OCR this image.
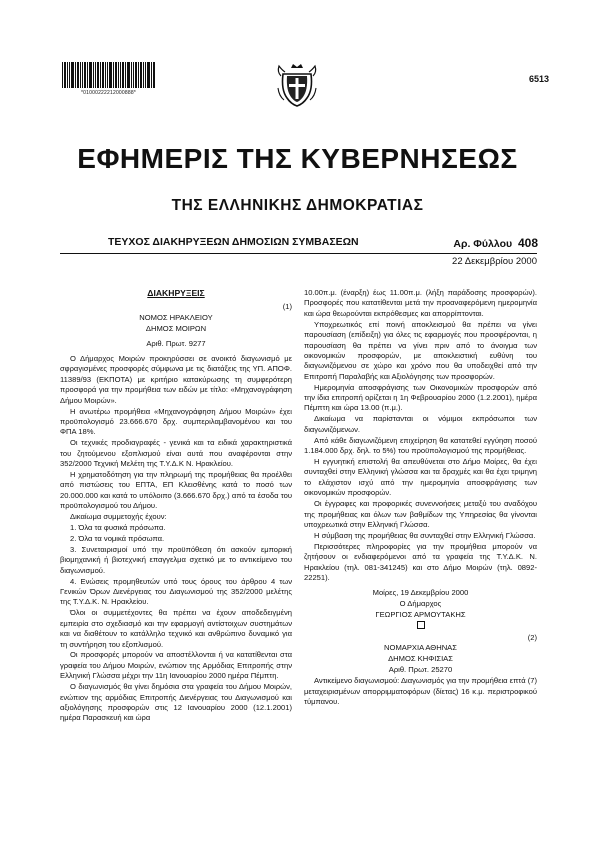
*01000222212000888*
6513
ΕΦΗΜΕΡΙΣ ΤΗΣ ΚΥΒΕΡΝΗΣΕΩΣ
ΤΗΣ ΕΛΛΗΝΙΚΗΣ ΔΗΜΟΚΡΑΤΙΑΣ
ΤΕΥΧΟΣ ΔΙΑΚΗΡΥΞΕΩΝ ΔΗΜΟΣΙΩΝ ΣΥΜΒΑΣΕΩΝ	Αρ. Φύλλου 408
22 Δεκεμβρίου 2000

ΔΙΑΚΗΡΥΞΕΙΣ

(1)

ΝΟΜΟΣ ΗΡΑΚΛΕΙΟΥ

ΔΗΜΟΣ ΜΟΙΡΩΝ

Αριθ. Πρωτ. 9277

Ο Δήμαρχος Μοιρών προκηρύσσει σε ανοικτό διαγωνισμό με σφραγισμένες προσφορές σύμφωνα με τις διατάξεις της ΥΠ. ΑΠΟΦ. 11389/93 (ΕΚΠΟΤΑ) με κριτήριο κατακύρωσης τη συμφερότερη προσφορά για την προμήθεια των ειδών με τίτλο: «Μηχανογράφηση Δήμου Μοιρών».

Η ανωτέρω προμήθεια «Μηχανογράφηση Δήμου Μοιρών» έχει προϋπολογισμό 23.666.670 δρχ. συμπεριλαμβανομένου και του ΦΠΑ 18%.

Οι τεχνικές προδιαγραφές - γενικά και τα ειδικά χαρακτηριστικά του ζητούμενου εξοπλισμού είναι αυτά που αναφέρονται στην 352/2000 Τεχνική Μελέτη της Τ.Υ.Δ.Κ Ν. Ηρακλείου.

Η χρηματοδότηση για την πληρωμή της προμήθειας θα προέλθει από πιστώσεις του ΕΠΤΑ, ΕΠ Κλεισθένης κατά το ποσό των 20.000.000 και κατά το υπόλοιπο (3.666.670 δρχ.) από τα έσοδα του προϋπολογισμού του Δήμου.

Δικαίωμα συμμετοχής έχουν:

1. Όλα τα φυσικά πρόσωπα.

2. Όλα τα νομικά πρόσωπα.

3. Συνεταιρισμοί υπό την προϋπόθεση ότι ασκούν εμπορική βιομηχανική ή βιοτεχνική επαγγελμα σχετικό με το αντικείμενο του διαγωνισμού.

4. Ενώσεις προμηθευτών υπό τους όρους του άρθρου 4 των Γενικών Όρων Διενέργειας του Διαγωνισμού της 352/2000 μελέτης της Τ.Υ.Δ.Κ. Ν. Ηρακλείου.

Όλοι οι συμμετέχοντες θα πρέπει να έχουν αποδεδειγμένη εμπειρία στο σχεδιασμό και την εφαρμογή αντίστοιχων συστημάτων και να διαθέτουν το κατάλληλο τεχνικό και ανθρώπινο δυναμικό για τη συντήρηση του εξοπλισμού.

Οι προσφορές μπορούν να αποστέλλονται ή να κατατίθενται στα γραφεία του Δήμου Μοιρών, ενώπιον της Αρμόδιας Επιτροπής στην Ελληνική Γλώσσα μέχρι την 11η Ιανουαρίου 2000 ημέρα Πέμπτη.

Ο διαγωνισμός θα γίνει δημόσια στα γραφεία του Δήμου Μοιρών, ενώπιον της αρμόδιας Επιτροπής Διενέργειας του Διαγωνισμού και αξιολόγησης προσφορών στις 12 Ιανουαρίου 2000 (12.1.2001) ημέρα Παρασκευή και ώρα

10.00π.μ. (έναρξη) έως 11.00π.μ. (λήξη παράδοσης προσφορών). Προσφορές που κατατίθενται μετά την προαναφερόμενη ημερομηνία και ώρα θεωρούνται εκπρόθεσμες και απορρίπτονται.

Υποχρεωτικός επί ποινή αποκλεισμού θα πρέπει να γίνει παρουσίαση (επίδειξη) για όλες τις εφαρμογές που προσφέρονται, η παρουσίαση θα πρέπει να γίνει πριν από το άνοιγμα των οικονομικών προσφορών, με αποκλειστική ευθύνη του διαγωνιζόμενου σε χώρο και χρόνο που θα υποδειχθεί από την Επιτροπή Παραλαβής και Αξιολόγησης των προσφορών.

Ημερομηνία αποσφράγισης των Οικονομικών προσφορών από την ίδια επιτροπή ορίζεται η 1η Φεβρουαρίου 2000 (1.2.2001), ημέρα Πέμπτη και ώρα 13.00 (π.μ.).

Δικαίωμα να παρίστανται οι νόμιμοι εκπρόσωποι των διαγωνιζόμενων.

Από κάθε διαγωνιζόμενη επιχείρηση θα κατατεθεί εγγύηση ποσού 1.184.000 δρχ. δηλ. το 5%) του προϋπολογισμού της προμήθειας.

Η εγγυητική επιστολή θα απευθύνεται στο Δήμο Μοίρες, θα έχει συνταχθεί στην Ελληνική γλώσσα και τα δραχμές και θα έχει τριμηνη το ελάχιστον ισχύ από την ημερομηνία αποσφράγισης των οικονομικών προσφορών.

Οι έγγραφες και προφορικές συνεννοήσεις μεταξύ του αναδόχου της προμήθειας και όλων των βαθμίδων της Υπηρεσίας θα γίνονται υποχρεωτικά στην Ελληνική Γλώσσα.

Η σύμβαση της προμήθειας θα συνταχθεί στην Ελληνική Γλώσσα.

Περισσότερες πληροφορίες για την προμήθεια μπορούν να ζητήσουν οι ενδιαφερόμενοι από τα γραφεία της Τ.Υ.Δ.Κ. Ν. Ηρακλείου (τηλ. 081-341245) και στο Δήμο Μοιρών (τηλ. 0892-22251).

Μοίρες, 19 Δεκεμβρίου 2000

Ο Δήμαρχος

ΓΕΩΡΓΙΟΣ ΑΡΜΟΥΤΑΚΗΣ

(2)

ΝΟΜΑΡΧΙΑ ΑΘΗΝΑΣ

ΔΗΜΟΣ ΚΗΦΙΣΙΑΣ

Αριθ. Πρωτ. 25270

Αντικείμενο διαγωνισμού: Διαγωνισμός για την προμήθεια επτά (7) μεταχειρισμένων απορριμματοφόρων (δίετας) 16 κ.μ. περιστροφικού τύμπανου.
